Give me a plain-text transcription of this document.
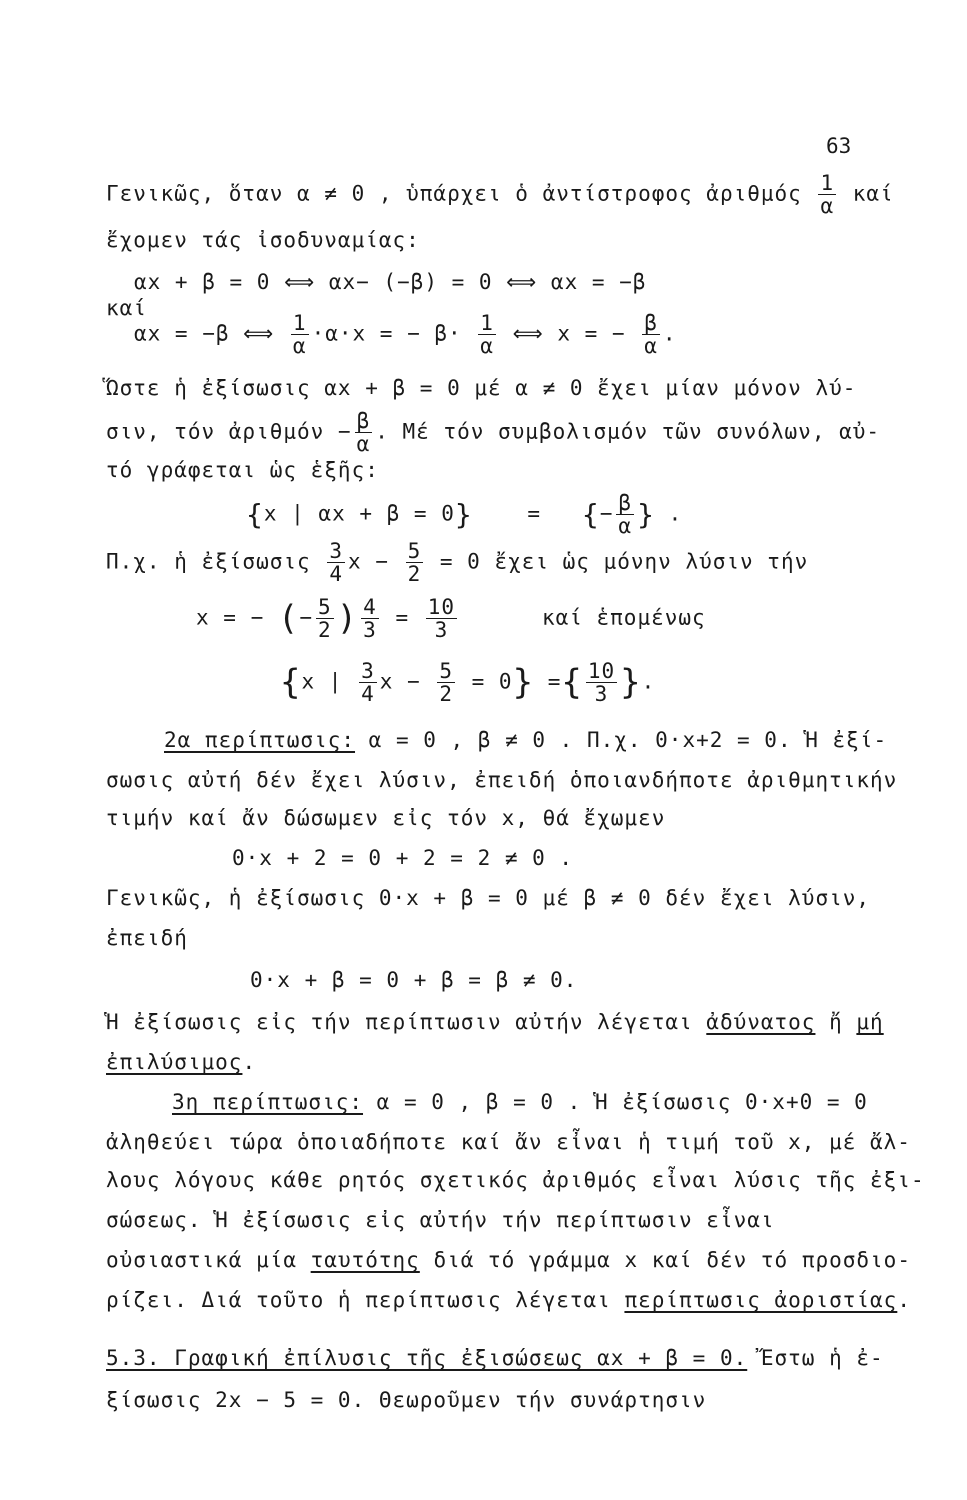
63
Γενικῶς, ὅταν α ≠ 0 , ὑπάρχει ὁ ἀντίστροφος ἀριθμός $\frac{1}{\alpha}$ καί
ἔχομεν τάς ἰσοδυναμίας:
αx + β = 0 ⟺ αx− (−β) = 0 ⟺ αx = −β
καί
αx = −β ⟺ $\frac{1}{\alpha} \cdot\alpha\cdot x$ = − $\beta\cdot \frac{1}{\alpha}$ ⟺ x = − $\frac{\beta}{\alpha}$ .
Ὥστε ἡ ἐξίσωσις αx + β = 0 μέ α ≠ 0 ἔχει μίαν μόνον λύ-
σιν, τόν ἀριθμόν − $\frac{\beta}{\alpha}$ . Μέ τόν συμβολισμόν τῶν συνόλων, αὐ-
τό γράφεται ὡς ἑξῆς:
{x | αx + β = 0}	= {− $\frac{\beta}{\alpha}$ } .
Π.χ. ἡ ἐξίσωσις $\frac{3}{4}$ $x - \frac{5}{2} = 0$ ἔχει ὡς μόνην λύσιν τήν
x = − (− $\frac{5}{2}$ ) $\frac{4}{3} = \frac{10}{3}$	καί ἑπομένως
{x | $\frac{3}{4}$ $x - \frac{5}{2} = 0$} ={ $\frac{10}{3}$ }.
2α περίπτωσις: α = 0 , β ≠ 0 . Π.χ. 0·x+2 = 0. Ἡ ἐξί-
σωσις αὐτή δέν ἔχει λύσιν, ἐπειδή ὁποιανδήποτε ἀριθμητικήν
τιμήν καί ἄν δώσωμεν εἰς τόν x, θά ἔχωμεν
0·x + 2 = 0 + 2 = 2 ≠ 0 .
Γενικῶς, ἡ ἐξίσωσις 0·x + β = 0 μέ β ≠ 0 δέν ἔχει λύσιν,
ἐπειδή
0·x + β = 0 + β = β ≠ 0.
Ἡ ἐξίσωσις εἰς τήν περίπτωσιν αὐτήν λέγεται ἀδύνατος ἤ μή
ἐπιλύσιμος.
3η περίπτωσις: α = 0 , β = 0 . Ἡ ἐξίσωσις 0·x+0 = 0
ἀληθεύει τώρα ὁποιαδήποτε καί ἄν εἶναι ἡ τιμή τοῦ x, μέ ἄλ-
λους λόγους κάθε ρητός σχετικός ἀριθμός εἶναι λύσις τῆς ἐξι-
σώσεως. Ἡ ἐξίσωσις εἰς αὐτήν τήν περίπτωσιν εἶναι
οὐσιαστικά μία ταυτότης διά τό γράμμα x καί δέν τό προσδιο-
ρίζει. Διά τοῦτο ἡ περίπτωσις λέγεται περίπτωσις ἀοριστίας.
5.3. Γραφική ἐπίλυσις τῆς ἐξισώσεως αx + β = 0. Ἔστω ἡ ἐ-
ξίσωσις 2x − 5 = 0. Θεωροῦμεν τήν συνάρτησιν
